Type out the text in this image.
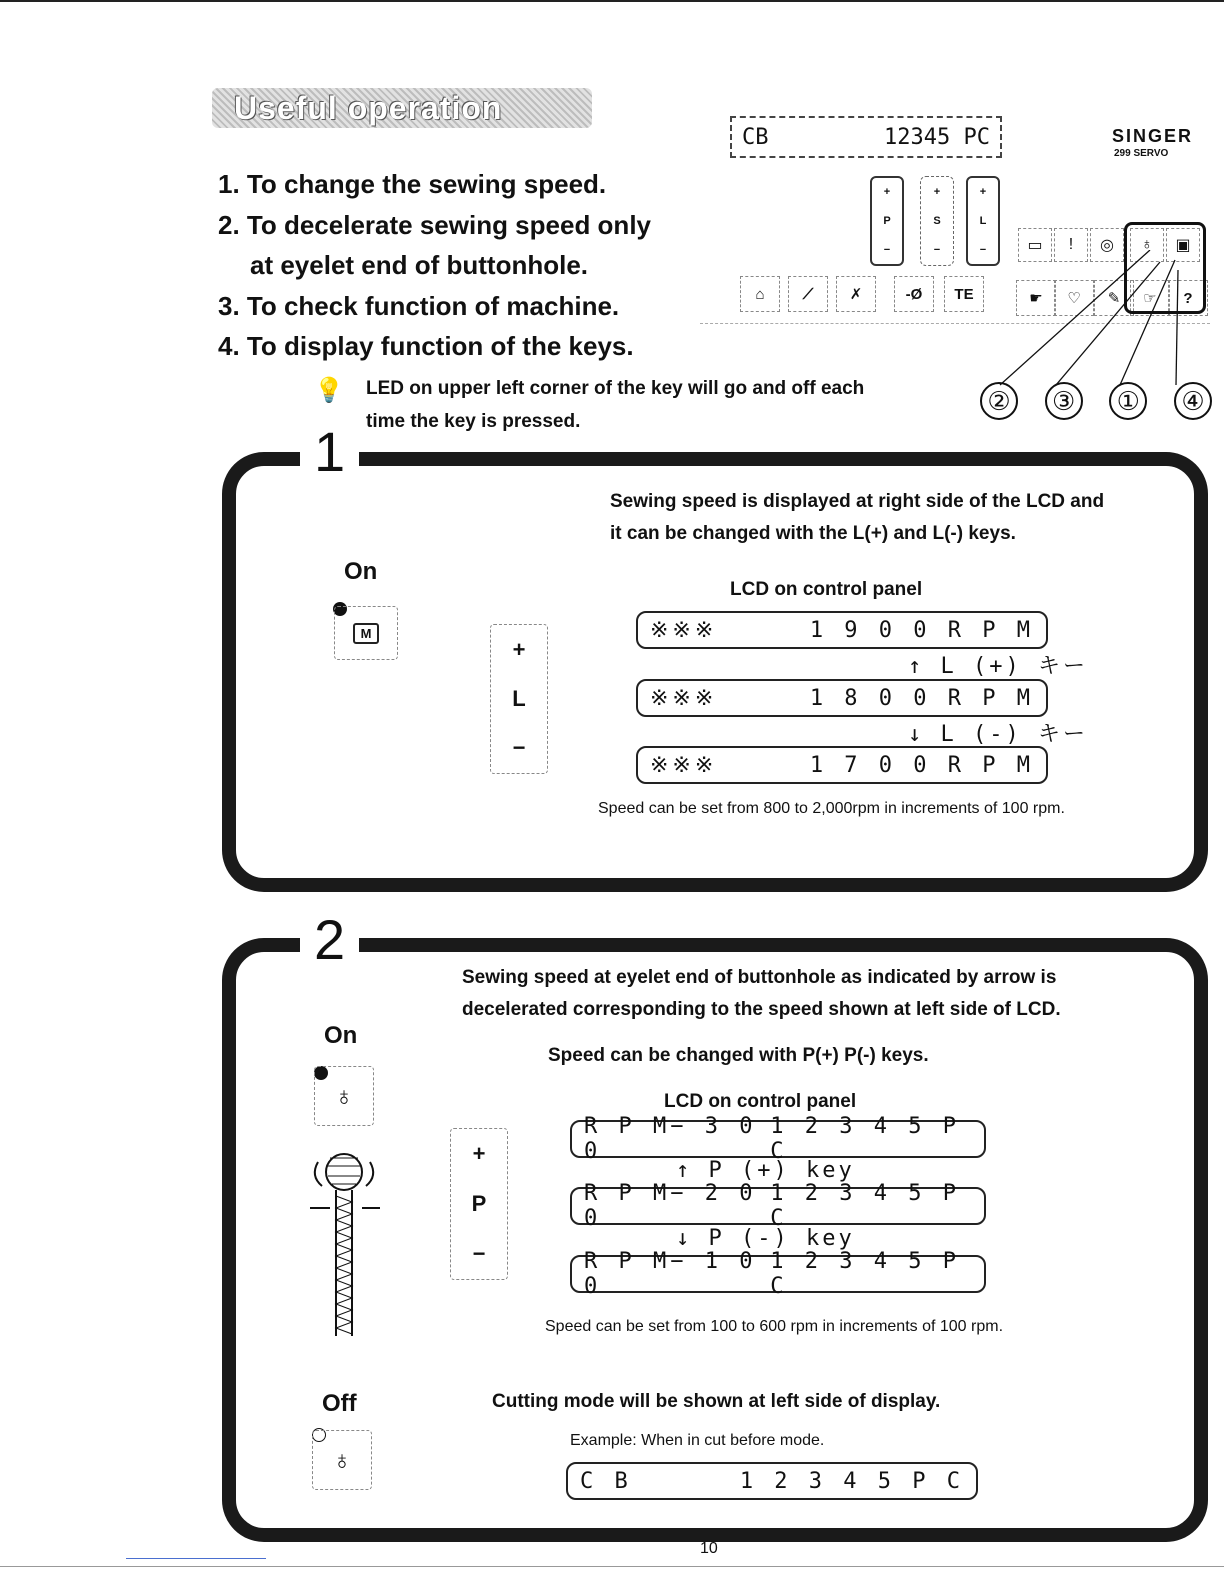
Useful operation
1. To change the sewing speed.
2. To decelerate sewing speed only
at eyelet end of buttonhole.
3. To check function of machine.
4. To display function of the keys.
💡	LED on upper left corner of the key will go and off each
time the key is pressed.
CB	12345 PC	SINGER
299 SERVO
+
P
−
+
S
−
+
L
−
⌂	⟋	✗	-Ø	TE
▭	!	◎	♁	▣
☛	♡	✎	☞	?
② ③ ① ④
1
Sewing speed is displayed at right side of the LCD and
it can be changed with the L(+) and L(-) keys.
On
M
+
L
−
LCD on control panel
※※※	1 9 0 0 R P M
↑ L (+) キー
※※※	1 8 0 0 R P M
↓ L (-) キー
※※※	1 7 0 0 R P M
Speed can be set from 800 to 2,000rpm in increments of 100 rpm.
2
Sewing speed at eyelet end of buttonhole as indicated by arrow is
decelerated corresponding to the speed shown at left side of LCD.
Speed can be changed with P(+) P(-) keys.
On
♁
+
P
−
LCD on control panel
R P M− 3 0 0
1 2 3 4 5 P C
↑ P (+) key
R P M− 2 0 0
1 2 3 4 5 P C
↓ P (-) key
R P M− 1 0 0
1 2 3 4 5 P C
Speed can be set from 100 to 600 rpm in increments of 100 rpm.
Off
♁
Cutting mode will be shown at left side of display.
Example: When in cut before mode.
C B	1 2 3 4 5 P C
10
